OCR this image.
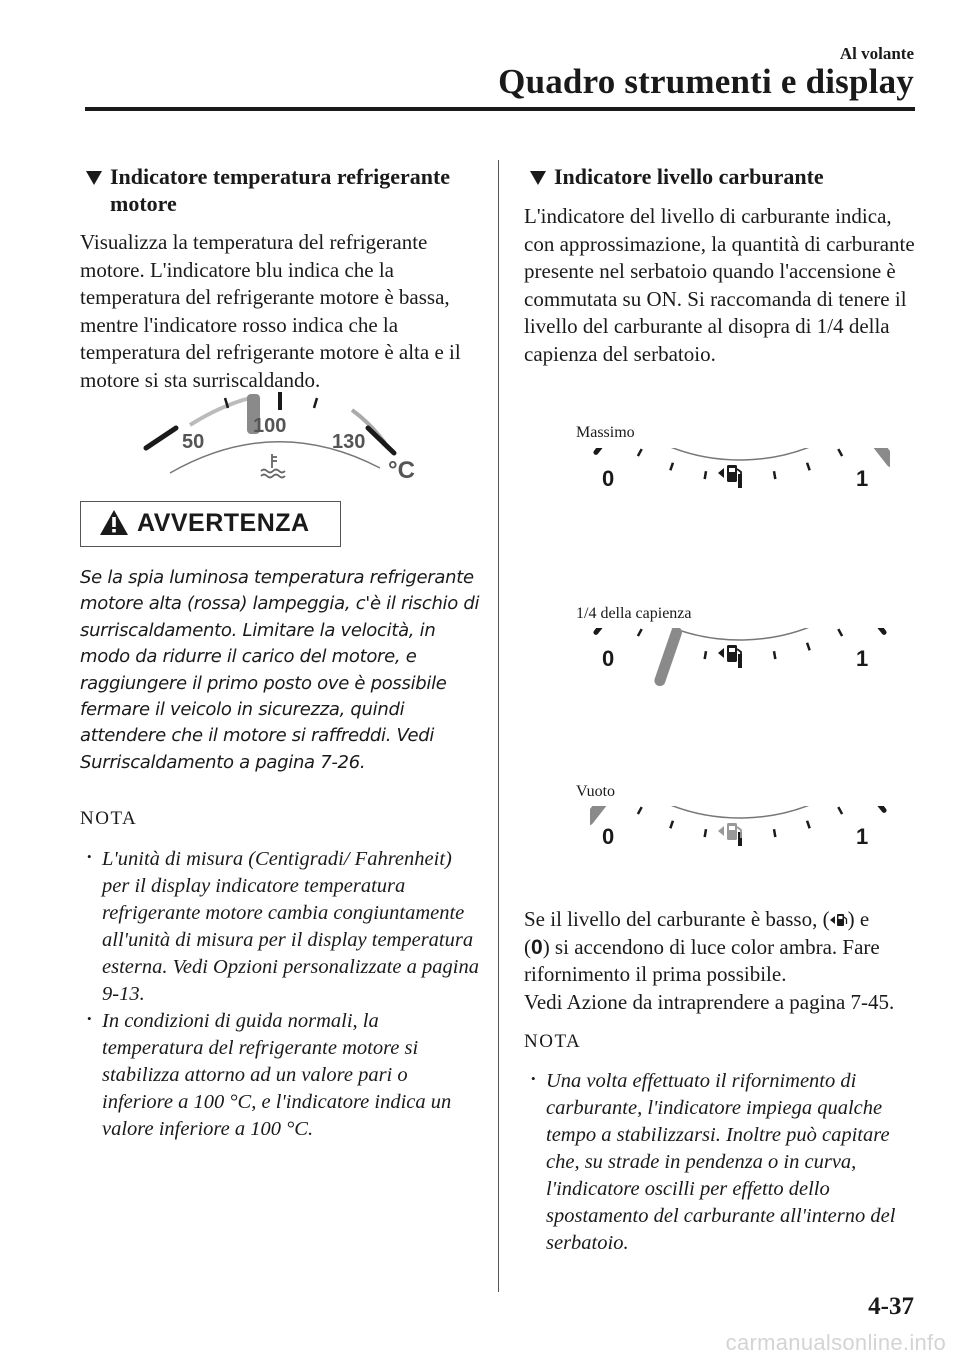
Al volante
Quadro strumenti e display
Indicatore temperatura refrigerante
motore

Visualizza la temperatura del refrigerante motore. L'indicatore blu indica che la temperatura del refrigerante motore è bassa, mentre l'indicatore rosso indica che la temperatura del refrigerante motore è alta e il motore si sta surriscaldando.

50
100
130
°C
AVVERTENZA
Se la spia luminosa temperatura refrigerante motore alta (rossa) lampeggia, c'è il rischio di surriscaldamento. Limitare la velocità, in modo da ridurre il carico del motore, e raggiungere il primo posto ove è possibile fermare il veicolo in sicurezza, quindi attendere che il motore si raffreddi. Vedi Surriscaldamento a pagina 7-26.
NOTA
• L'unità di misura (Centigradi/ Fahrenheit) per il display indicatore temperatura refrigerante motore cambia congiuntamente all'unità di misura per il display temperatura esterna. Vedi Opzioni personalizzate a pagina 9-13.
• In condizioni di guida normali, la temperatura del refrigerante motore si stabilizza attorno ad un valore pari o inferiore a 100 °C, e l'indicatore indica un valore inferiore a 100 °C.
Indicatore livello carburante

L'indicatore del livello di carburante indica, con approssimazione, la quantità di carburante presente nel serbatoio quando l'accensione è commutata su ON. Si raccomanda di tenere il livello del carburante al disopra di 1/4 della capienza del serbatoio.

Massimo
0	1
1/4 della capienza
0	1
Vuoto
0	1

Se il livello del carburante è basso, ( ) e
(0) si accendono di luce color ambra. Fare rifornimento il prima possibile.

Vedi Azione da intraprendere a pagina 7-45.

NOTA
• Una volta effettuato il rifornimento di carburante, l'indicatore impiega qualche tempo a stabilizzarsi. Inoltre può capitare che, su strade in pendenza o in curva, l'indicatore oscilli per effetto dello spostamento del carburante all'interno del serbatoio.
4-37
carmanualsonline.info
